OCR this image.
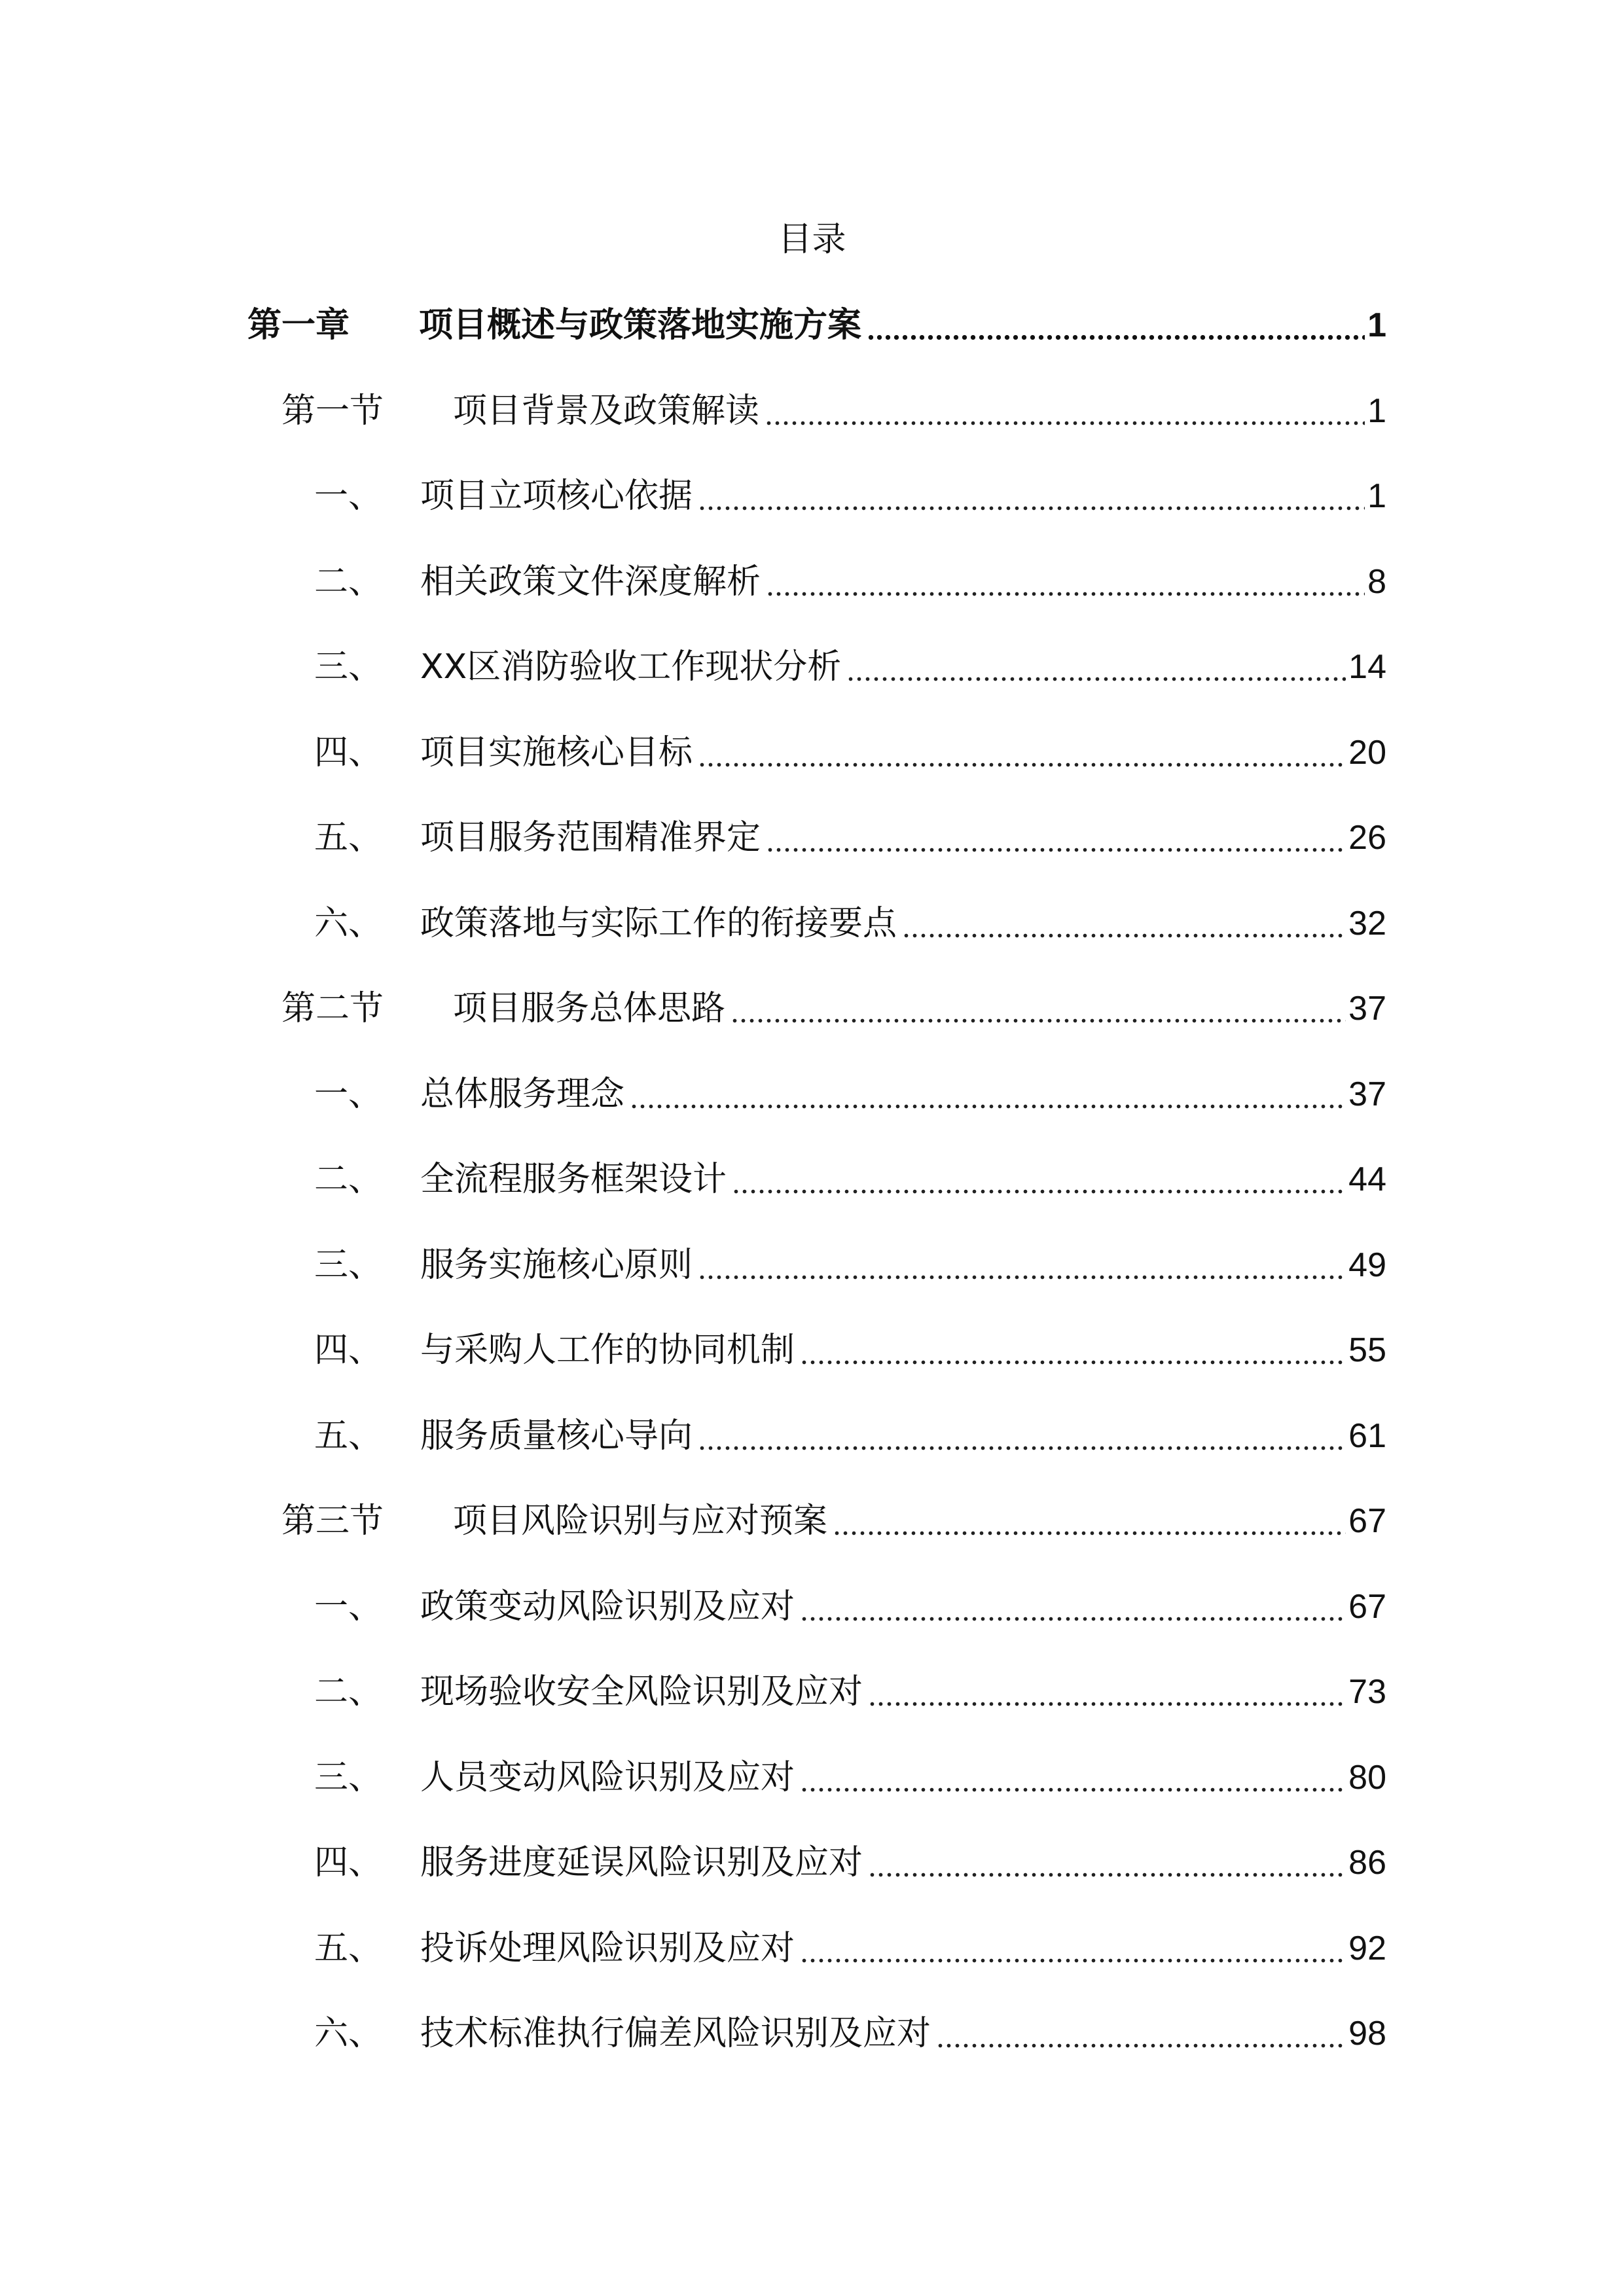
目录
第一章	项目概述与政策落地实施方案	1
第一节	项目背景及政策解读	1
一、	项目立项核心依据	1
二、	相关政策文件深度解析	8
三、	XX区消防验收工作现状分析	14
四、	项目实施核心目标	20
五、	项目服务范围精准界定	26
六、	政策落地与实际工作的衔接要点	32
第二节	项目服务总体思路	37
一、	总体服务理念	37
二、	全流程服务框架设计	44
三、	服务实施核心原则	49
四、	与采购人工作的协同机制	55
五、	服务质量核心导向	61
第三节	项目风险识别与应对预案	67
一、	政策变动风险识别及应对	67
二、	现场验收安全风险识别及应对	73
三、	人员变动风险识别及应对	80
四、	服务进度延误风险识别及应对	86
五、	投诉处理风险识别及应对	92
六、	技术标准执行偏差风险识别及应对	98
